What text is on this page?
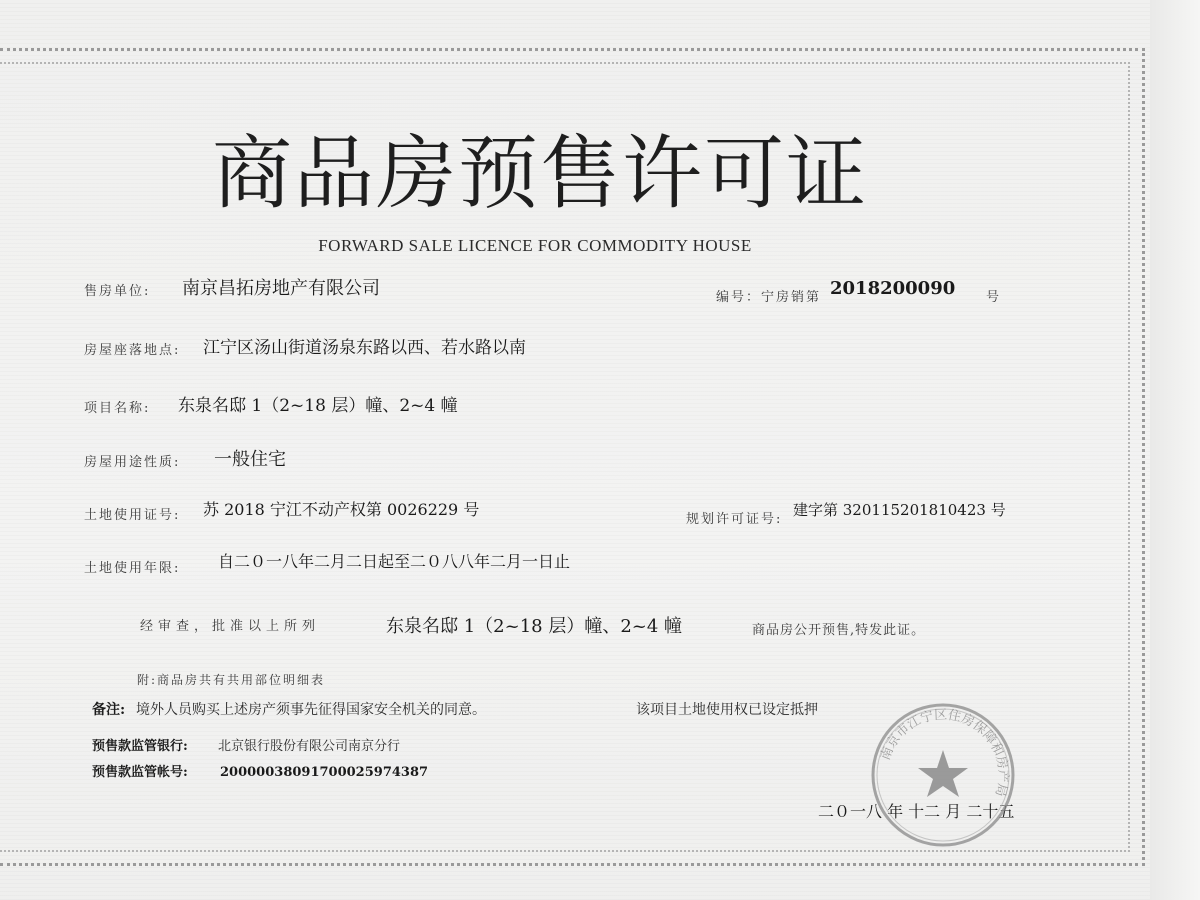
商品房预售许可证
FORWARD SALE LICENCE FOR COMMODITY HOUSE
售房单位: 南京昌拓房地产有限公司	编号：宁房销第 2018200090 号
房屋座落地点: 江宁区汤山街道汤泉东路以西、若水路以南
项目名称: 东泉名邸 1（2~18 层）幢、2~4 幢
房屋用途性质: 一般住宅
土地使用证号: 苏 2018 宁江不动产权第 0026229 号
规划许可证号:
建字第 320115201810423 号
土地使用年限: 自二０一八年二月二日起至二０八八年二月一日止
经审查，批准以上所列	东泉名邸 1（2~18 层）幢、2~4 幢	商品房公开预售,特发此证。
附:商品房共有共用部位明细表
备注: 境外人员购买上述房产须事先征得国家安全机关的同意。	该项目土地使用权已设定抵押
预售款监管银行: 北京银行股份有限公司南京分行
预售款监管帐号: 20000038091700025974387
二０一八 年 十二 月 二十五
南京市江宁区住房保障和房产局
